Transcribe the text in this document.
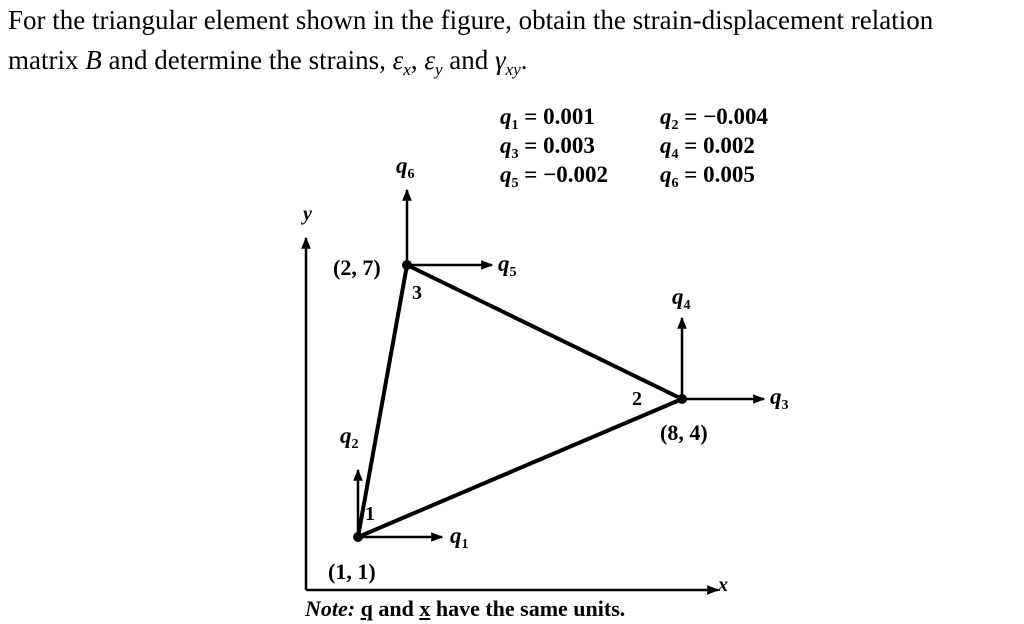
For the triangular element shown in the figure, obtain the strain-displacement relation
matrix B and determine the strains, $\varepsilon_x$, $\varepsilon_y$ and $\gamma_{xy}$.
$q_1 = 0.001$	$q_2 = -0.004$
$q_3 = 0.003$	$q_4 = 0.002$
$q_5 = -0.002$ $q_6 = 0.005$
y
x
1
2
3
(1, 1)
(8, 4)
(2, 7)
$q_1$
$q_2$
$q_3$
$q_4$
$q_5$
$q_6$
Note: q and x have the same units.
